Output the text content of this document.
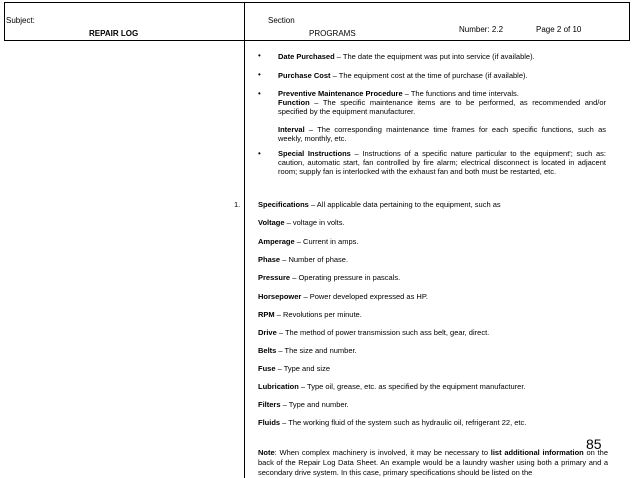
Subject:
REPAIR LOG
Section
PROGRAMS	Number: 2.2	Page 2 of 10
• Date Purchased – The date the equipment was put into service (if available).
• Purchase Cost – The equipment cost at the time of purchase (if available).
• Preventive Maintenance Procedure – The functions and time intervals.
Function – The specific maintenance items are to be performed, as recommended and/or specified by the equipment manufacturer.
Interval – The corresponding maintenance time frames for each specific functions, such as weekly, monthly, etc.
• Special Instructions – Instructions of a specific nature particular to the equipment'; such as: caution, automatic start, fan controlled by fire alarm; electrical disconnect is located in adjacent room; supply fan is interlocked with the exhaust fan and both must be restarted, etc.
1. Specifications – All applicable data pertaining to the equipment, such as
Voltage – voltage in volts.
Amperage – Current in amps.
Phase – Number of phase.
Pressure – Operating pressure in pascals.
Horsepower – Power developed expressed as HP.
RPM – Revolutions per minute.
Drive – The method of power transmission such ass belt, gear, direct.
Belts – The size and number.
Fuse – Type and size
Lubrication – Type oil, grease, etc. as specified by the equipment manufacturer.
Filters – Type and number.
Fluids – The working fluid of the system such as hydraulic oil, refrigerant 22, etc.
Note: When complex machinery is involved, it may be necessary to list additional information on the back of the Repair Log Data Sheet. An example would be a laundry washer using both a primary and a secondary drive system. In this case, primary specifications should be listed on the
85
